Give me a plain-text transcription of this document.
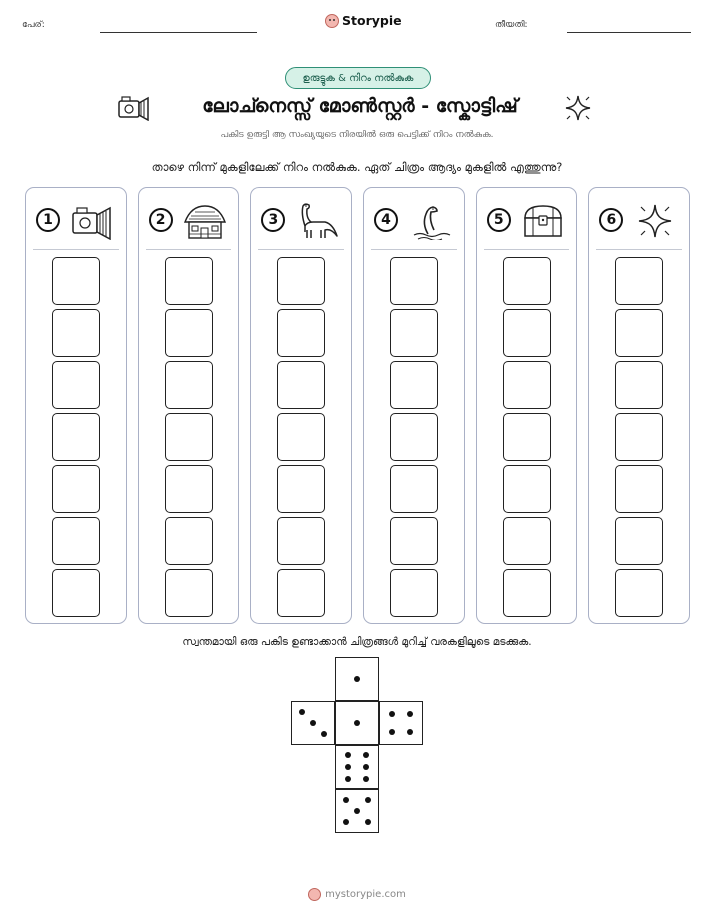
പേര്:	Storypie	തീയതി:
ഉരുട്ടുക & നിറം നൽകുക
ലോച്നെസ്സ് മോൺസ്റ്റർ - സ്കോട്ടിഷ്
പകിട ഉരുട്ടി ആ സംഖ്യയുടെ നിരയിൽ ഒരു പെട്ടിക്ക് നിറം നൽകുക.
താഴെ നിന്ന് മുകളിലേക്ക് നിറം നൽകുക. ഏത് ചിത്രം ആദ്യം മുകളിൽ എത്തുന്നു?
1	2	3	4	5	6
സ്വന്തമായി ഒരു പകിട ഉണ്ടാക്കാൻ ചിത്രങ്ങൾ മുറിച്ച് വരകളിലൂടെ മടക്കുക.
mystorypie.com
